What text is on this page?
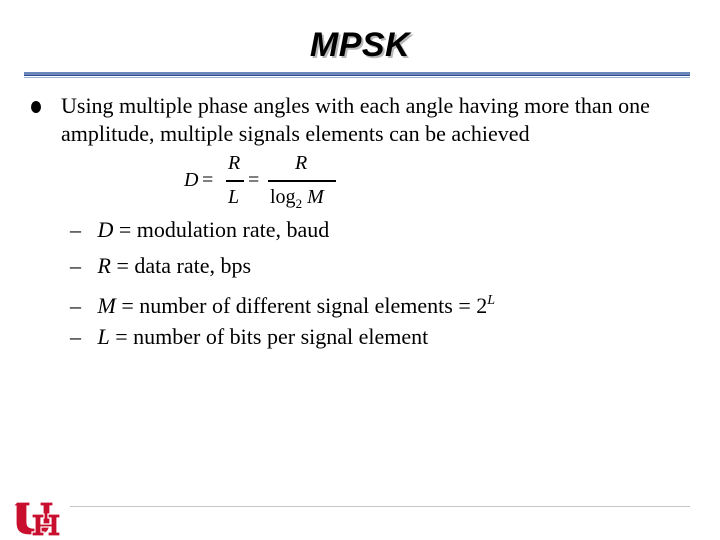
MPSK
Using multiple phase angles with each angle having more than one amplitude, multiple signals elements can be achieved
D =
R
L
=
R
$\log_2 M$
– D = modulation rate, baud
– R = data rate, bps
– M = number of different signal elements = $2^L$
– L = number of bits per signal element
